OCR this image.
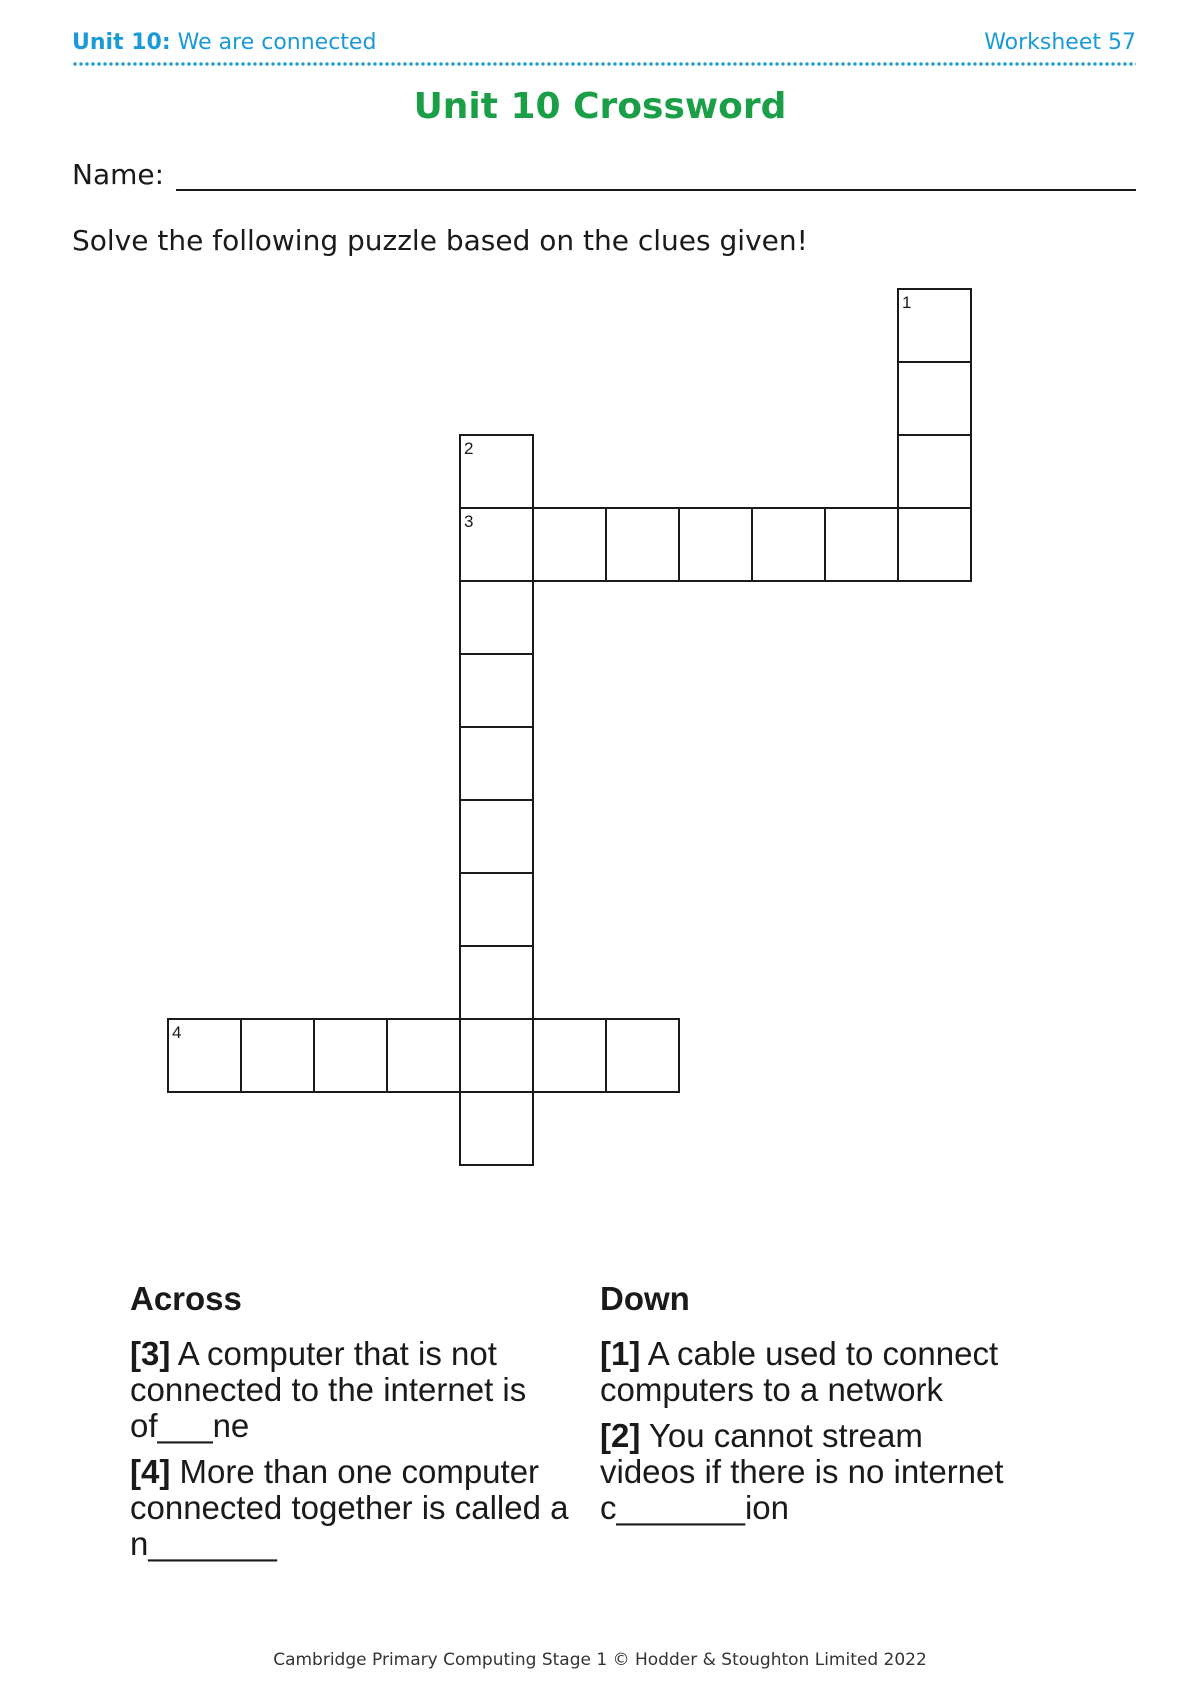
Unit 10: We are connected	Worksheet 57
Unit 10 Crossword
Name:
Solve the following puzzle based on the clues given!
1
2
3
4
Across
[3] A computer that is not connected to the internet is of___ne
[4] More than one computer connected together is called a n_______
Down
[1] A cable used to connect computers to a network
[2] You cannot stream videos if there is no internet c_______ion
Cambridge Primary Computing Stage 1 © Hodder & Stoughton Limited 2022
